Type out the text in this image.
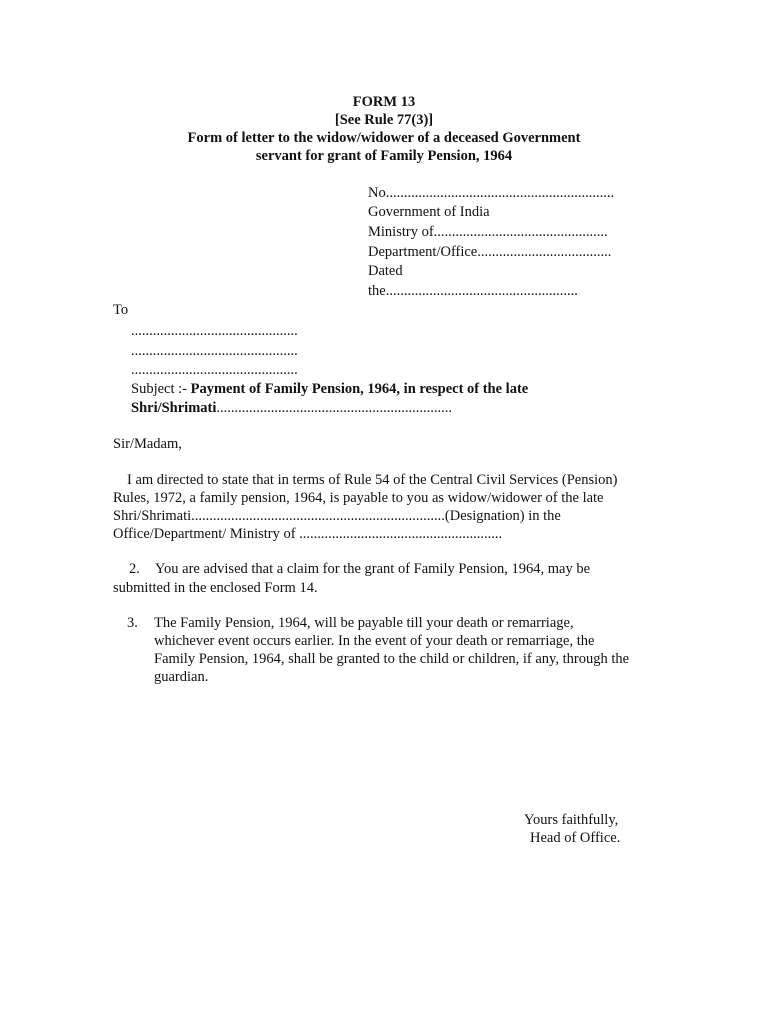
FORM 13
[See Rule 77(3)]
Form of letter to the widow/widower of a deceased Government
servant for grant of Family Pension, 1964
No...............................................................
Government of India
Ministry of................................................
Department/Office.....................................
Dated
the.....................................................
To
..............................................
..............................................
..............................................
Subject :- Payment of Family Pension, 1964, in respect of the late
Shri/Shrimati.................................................................
Sir/Madam,
I am directed to state that in terms of Rule 54 of the Central Civil Services (Pension)
Rules, 1972, a family pension, 1964, is payable to you as widow/widower of the late
Shri/Shrimati......................................................................(Designation) in the
Office/Department/ Ministry of ........................................................
2. You are advised that a claim for the grant of Family Pension, 1964, may be
submitted in the enclosed Form 14.
3. The Family Pension, 1964, will be payable till your death or remarriage,
whichever event occurs earlier. In the event of your death or remarriage, the
Family Pension, 1964, shall be granted to the child or children, if any, through the
guardian.
Yours faithfully,
Head of Office.
